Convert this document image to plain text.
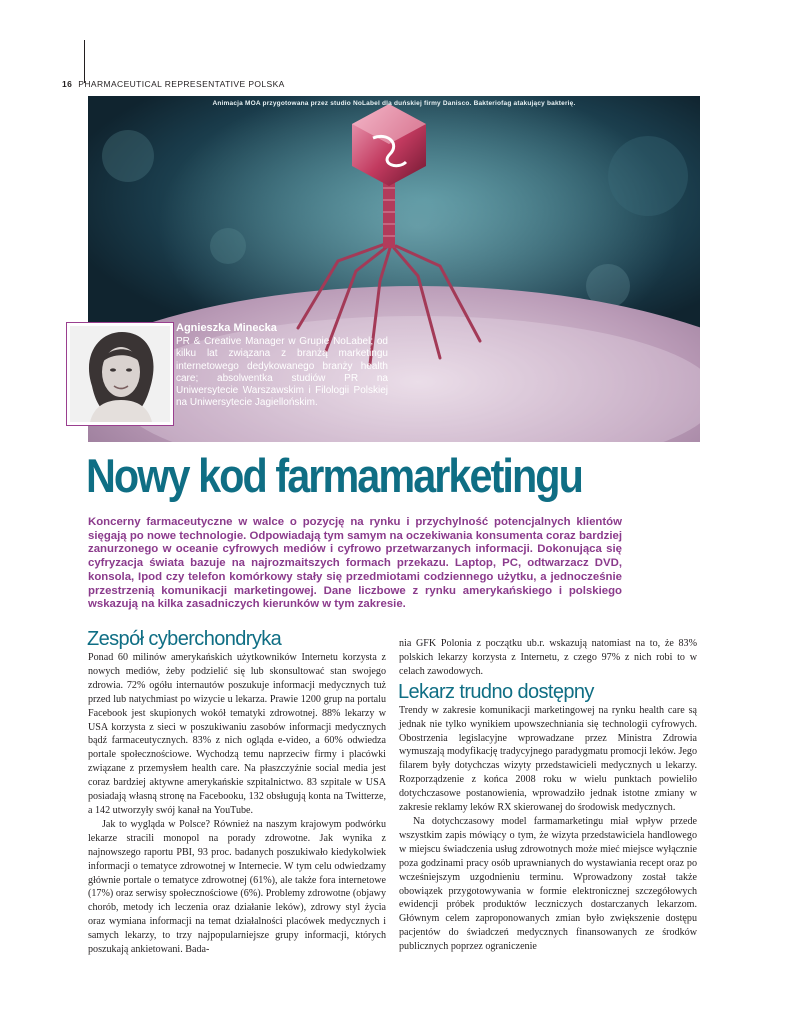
16 PHARMACEUTICAL REPRESENTATIVE POLSKA
Animacja MOA przygotowana przez studio NoLabel dla duńskiej firmy Danisco. Bakteriofag atakujący bakterię.
Agnieszka Minecka
PR & Creative Manager w Grupie NoLabel; od kilku lat związana z branżą marketingu internetowego dedykowanego branży health care; absolwentka studiów PR na Uniwersytecie Warszawskim i Filologii Polskiej na Uniwersytecie Jagiellońskim.
Nowy kod farmamarketingu
Koncerny farmaceutyczne w walce o pozycję na rynku i przychylność potencjalnych klientów sięgają po nowe technologie. Odpowiadają tym samym na oczekiwania konsumenta coraz bardziej zanurzonego w oceanie cyfrowych mediów i cyfrowo przetwarzanych informacji. Dokonująca się cyfryzacja świata bazuje na najrozmaitszych formach przekazu. Laptop, PC, odtwarzacz DVD, konsola, Ipod czy telefon komórkowy stały się przedmiotami codziennego użytku, a jednocześnie przestrzenią komunikacji marketingowej. Dane liczbowe z rynku amerykańskiego i polskiego wskazują na kilka zasadniczych kierunków w tym zakresie.
Zespół cyberchondryka

Ponad 60 milinów amerykańskich użytkowników Internetu korzysta z nowych mediów, żeby podzielić się lub skonsultować stan swojego zdrowia. 72% ogółu internautów poszukuje informacji medycznych tuż przed lub natychmiast po wizycie u lekarza. Prawie 1200 grup na portalu Facebook jest skupionych wokół tematyki zdrowotnej. 88% lekarzy w USA korzysta z sieci w poszukiwaniu zasobów informacji medycznych bądź farmaceutycznych. 83% z nich ogląda e-video, a 60% odwiedza portale społecznościowe. Wychodzą temu naprzeciw firmy i placówki związane z przemysłem health care. Na płaszczyźnie social media jest coraz bardziej aktywne amerykańskie szpitalnictwo. 83 szpitale w USA posiadają własną stronę na Facebooku, 132 obsługują konta na Twitterze, a 142 utworzyły swój kanał na YouTube.

Jak to wygląda w Polsce? Również na naszym krajowym podwórku lekarze stracili monopol na porady zdrowotne. Jak wynika z najnowszego raportu PBI, 93 proc. badanych poszukiwało kiedykolwiek informacji o tematyce zdrowotnej w Internecie. W tym celu odwiedzamy głównie portale o tematyce zdrowotnej (61%), ale także fora internetowe (17%) oraz serwisy społecznościowe (6%). Problemy zdrowotne (objawy chorób, metody ich leczenia oraz działanie leków), zdrowy styl życia oraz wymiana informacji na temat działalności placówek medycznych i samych lekarzy, to trzy najpopularniejsze grupy informacji, których poszukają ankietowani. Bada-

nia GFK Polonia z początku ub.r. wskazują natomiast na to, że 83% polskich lekarzy korzysta z Internetu, z czego 97% z nich robi to w celach zawodowych.

Lekarz trudno dostępny

Trendy w zakresie komunikacji marketingowej na rynku health care są jednak nie tylko wynikiem upowszechniania się technologii cyfrowych. Obostrzenia legislacyjne wprowadzane przez Ministra Zdrowia wymuszają modyfikację tradycyjnego paradygmatu promocji leków. Jego filarem były dotychczas wizyty przedstawicieli medycznych u lekarzy. Rozporządzenie z końca 2008 roku w wielu punktach powieliło dotychczasowe postanowienia, wprowadziło jednak istotne zmiany w zakresie reklamy leków RX skierowanej do środowisk medycznych.

Na dotychczasowy model farmamarketingu miał wpływ przede wszystkim zapis mówiący o tym, że wizyta przedstawiciela handlowego w miejscu świadczenia usług zdrowotnych może mieć miejsce wyłącznie poza godzinami pracy osób uprawnianych do wystawiania recept oraz po wcześniejszym uzgodnieniu terminu. Wprowadzony został także obowiązek przygotowywania w formie elektronicznej szczegółowych ewidencji próbek produktów leczniczych dostarczanych lekarzom. Głównym celem zaproponowanych zmian było zwiększenie dostępu pacjentów do świadczeń medycznych finansowanych ze środków publicznych poprzez ograniczenie
